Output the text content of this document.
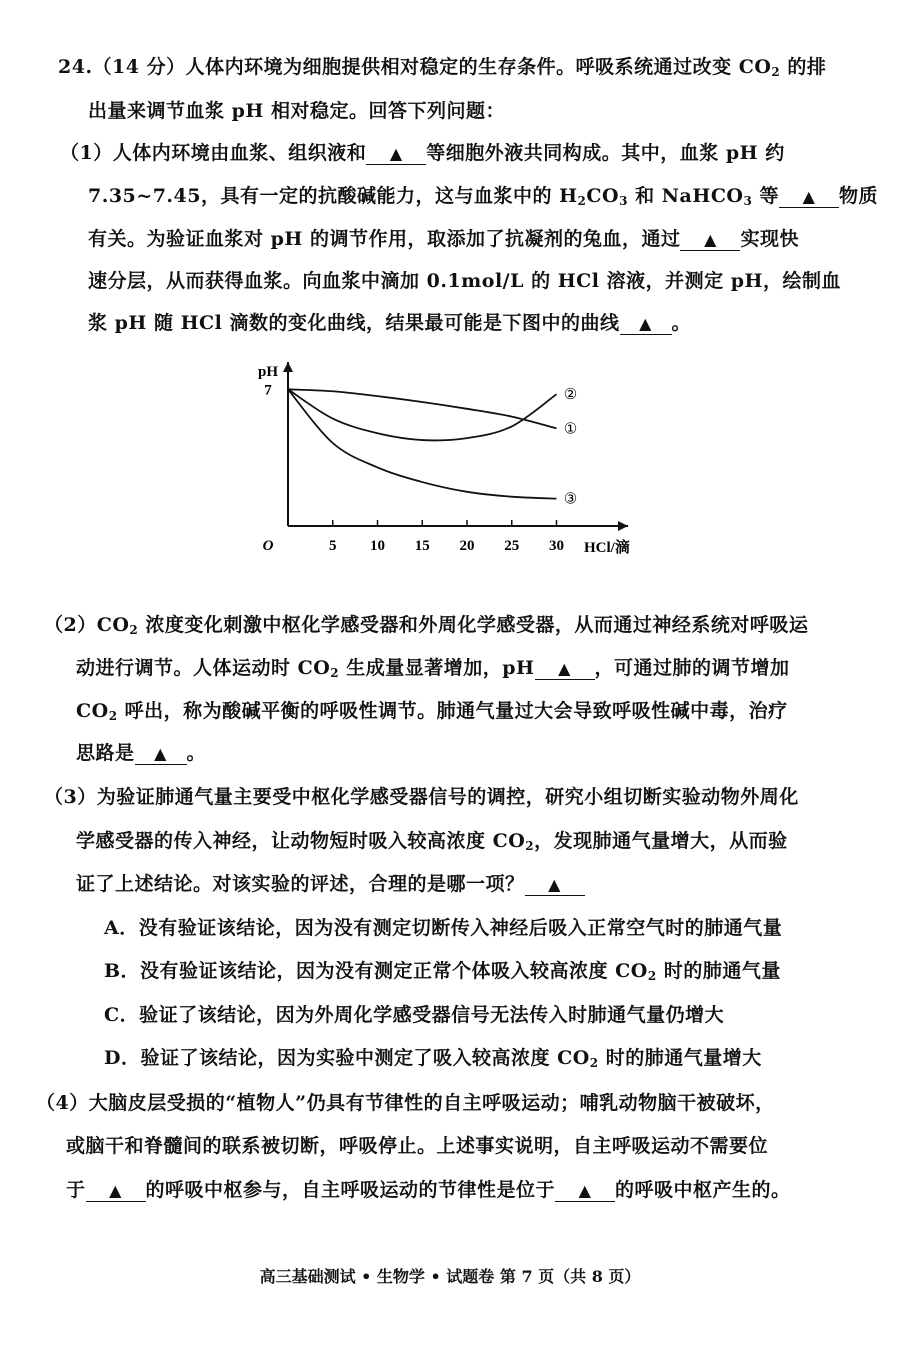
24.（14 分）人体内环境为细胞提供相对稳定的生存条件。呼吸系统通过改变 $CO_2$ 的排
出量来调节血浆 pH 相对稳定。回答下列问题：
（1）人体内环境由血浆、组织液和 ▲ 等细胞外液共同构成。其中，血浆 pH 约
7.35~7.45，具有一定的抗酸碱能力，这与血浆中的 $H_2CO_3$ 和 NaHCO$_3$ 等 ▲ 物质
有关。为验证血浆对 pH 的调节作用，取添加了抗凝剂的兔血，通过 ▲ 实现快
速分层，从而获得血浆。向血浆中滴加 0.1mol/L 的 HCl 溶液，并测定 pH，绘制血
浆 pH 随 HCl 滴数的变化曲线，结果最可能是下图中的曲线 ▲ 。
5 10 15 20 25 30
7
pH
HCl/滴
O
①
②
③
$(2)CO_2$ 浓度变化刺激中枢化学感受器和外周化学感受器，从而通过神经系统对呼吸运
动进行调节。人体运动时 $CO_2$ 生成量显著增加，pH ▲ ，可通过肺的调节增加
$CO_2$ 呼出，称为酸碱平衡的呼吸性调节。肺通气量过大会导致呼吸性碱中毒，治疗
思路是 ▲ 。
（3）为验证肺通气量主要受中枢化学感受器信号的调控，研究小组切断实验动物外周化
学感受器的传入神经，让动物短时吸入较高浓度 $CO_2$，发现肺通气量增大，从而验
证了上述结论。对该实验的评述，合理的是哪一项？ ▲
A．没有验证该结论，因为没有测定切断传入神经后吸入正常空气时的肺通气量
B．没有验证该结论，因为没有测定正常个体吸入较高浓度 $CO_2$ 时的肺通气量
C．验证了该结论，因为外周化学感受器信号无法传入时肺通气量仍增大
D．验证了该结论，因为实验中测定了吸入较高浓度 $CO_2$ 时的肺通气量增大
（4）大脑皮层受损的“植物人”仍具有节律性的自主呼吸运动；哺乳动物脑干被破坏，
或脑干和脊髓间的联系被切断，呼吸停止。上述事实说明，自主呼吸运动不需要位
于 ▲ 的呼吸中枢参与，自主呼吸运动的节律性是位于 ▲ 的呼吸中枢产生的。
高三基础测试 • 生物学 • 试题卷 第 7 页（共 8 页）
